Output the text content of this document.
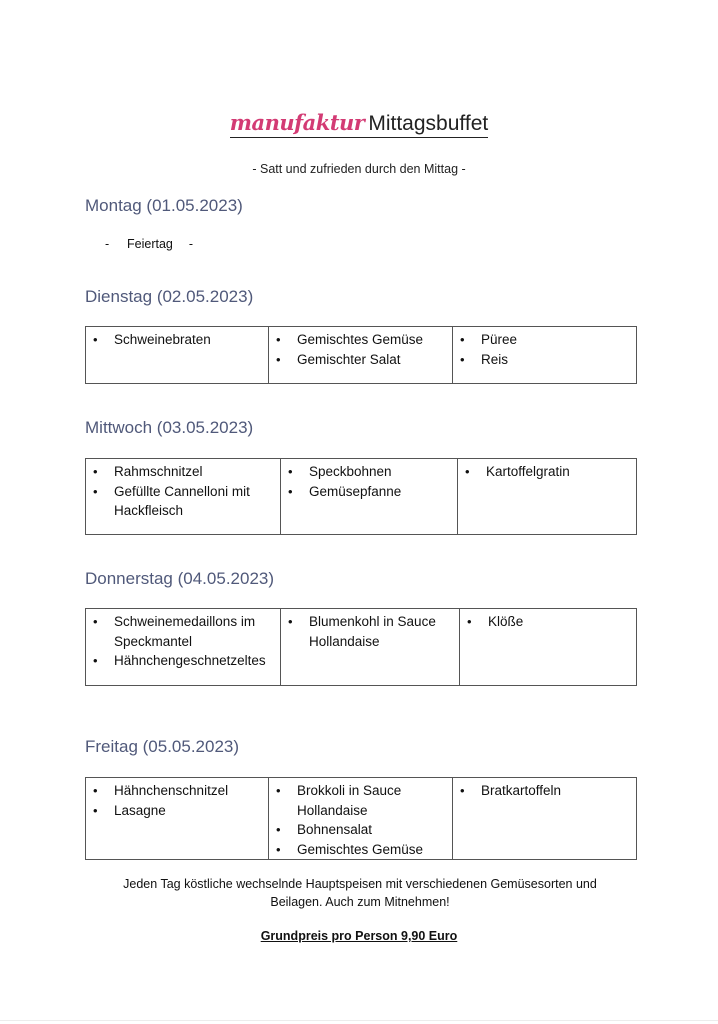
manufaktur Mittagsbuffet
- Satt und zufrieden durch den Mittag -
Montag (01.05.2023)
- Feiertag -
Dienstag (02.05.2023)
• Schweinebraten

•Gemischtes Gemüse
• Gemischter Salat

• Püree
• Reis
Mittwoch (03.05.2023)
• Rahmschnitzel
• Gefüllte Cannelloni mit Hackfleisch

• Speckbohnen
• Gemüsepfanne

• Kartoffelgratin
Donnerstag (04.05.2023)
• Schweinemedaillons im Speckmantel
• Hähnchengeschnetzeltes

• Blumenkohl in Sauce Hollandaise

• Klöße
Freitag (05.05.2023)
• Hähnchenschnitzel
• Lasagne

• Brokkoli in Sauce Hollandaise
• Bohnensalat
• Gemischtes Gemüse

• Bratkartoffeln
Jeden Tag köstliche wechselnde Hauptspeisen mit verschiedenen Gemüsesorten und Beilagen. Auch zum Mitnehmen!
Grundpreis pro Person 9,90 Euro
